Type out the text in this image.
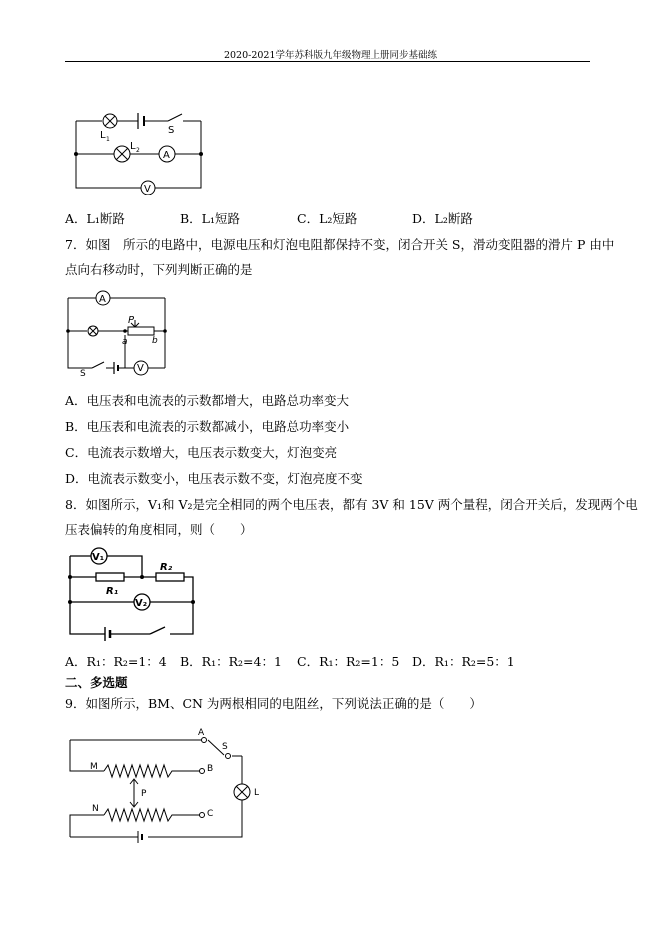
2020-2021学年苏科版九年级物理上册同步基础练
L 1
L 2 A
V
S
A．L₁断路	B．L₁短路	C．L₂短路	D．L₂断路
7．如图　所示的电路中，电源电压和灯泡电阻都保持不变，闭合开关 S，滑动变阻器的滑片 P 由中
点向右移动时，下列判断正确的是
A
V
P
a	b
S
A．电压表和电流表的示数都增大，电路总功率变大
B．电压表和电流表的示数都减小，电路总功率变小
C．电流表示数增大，电压表示数变大，灯泡变亮
D．电流表示数变小，电压表示数不变，灯泡亮度不变
8．如图所示，V₁和 V₂是完全相同的两个电压表，都有 3V 和 15V 两个量程，闭合开关后，发现两个电
压表偏转的角度相同，则（　　）
V₁
V₂
R₁
R₂
A．R₁：R₂=1：4 B．R₁：R₂=4：1 C．R₁：R₂=1：5 D．R₁：R₂=5：1
二、多选题
9．如图所示，BM、CN 为两根相同的电阻丝，下列说法正确的是（　　）
A
S
M	B
P
N	C
L
